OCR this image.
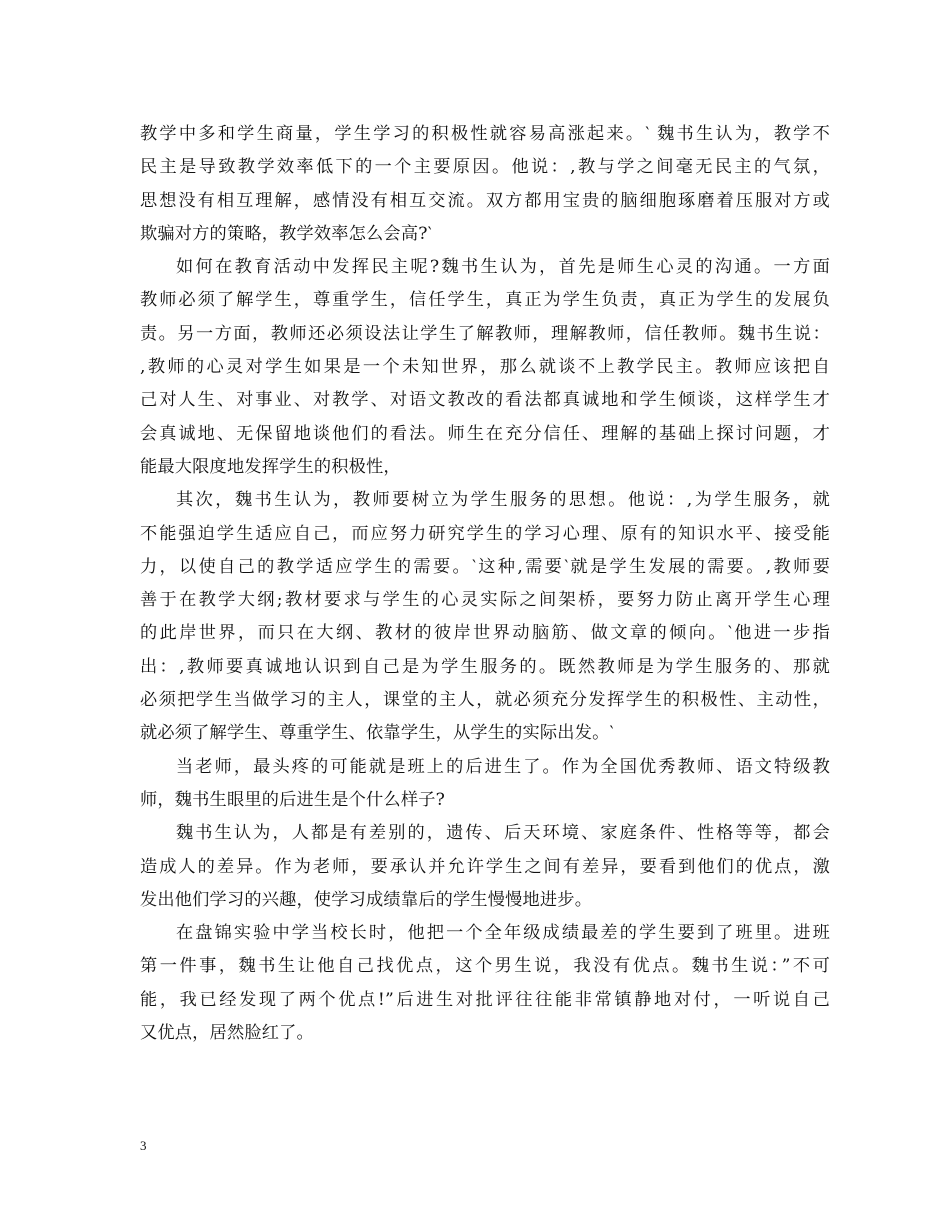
教学中多和学生商量，学生学习的积极性就容易高涨起来。‵ 魏书生认为，教学不
民主是导致教学效率低下的一个主要原因。他说：,教与学之间毫无民主的气氛，
思想没有相互理解，感情没有相互交流。双方都用宝贵的脑细胞琢磨着压服对方或
欺骗对方的策略，教学效率怎么会高?‵
如何在教育活动中发挥民主呢?魏书生认为，首先是师生心灵的沟通。一方面
教师必须了解学生，尊重学生，信任学生，真正为学生负责，真正为学生的发展负
责。另一方面，教师还必须设法让学生了解教师，理解教师，信任教师。魏书生说：
,教师的心灵对学生如果是一个未知世界，那么就谈不上教学民主。教师应该把自
己对人生、对事业、对教学、对语文教改的看法都真诚地和学生倾谈，这样学生才
会真诚地、无保留地谈他们的看法。师生在充分信任、理解的基础上探讨问题，才
能最大限度地发挥学生的积极性，
其次，魏书生认为，教师要树立为学生服务的思想。他说：,为学生服务，就
不能强迫学生适应自己，而应努力研究学生的学习心理、原有的知识水平、接受能
力，以使自己的教学适应学生的需要。‵这种,需要‵就是学生发展的需要。,教师要
善于在教学大纲;教材要求与学生的心灵实际之间架桥，要努力防止离开学生心理
的此岸世界，而只在大纲、教材的彼岸世界动脑筋、做文章的倾向。‵他进一步指
出：,教师要真诚地认识到自己是为学生服务的。既然教师是为学生服务的、那就
必须把学生当做学习的主人，课堂的主人，就必须充分发挥学生的积极性、主动性，
就必须了解学生、尊重学生、依靠学生，从学生的实际出发。‵
当老师，最头疼的可能就是班上的后进生了。作为全国优秀教师、语文特级教
师，魏书生眼里的后进生是个什么样子?
魏书生认为，人都是有差别的，遗传、后天环境、家庭条件、性格等等，都会
造成人的差异。作为老师，要承认并允许学生之间有差异，要看到他们的优点，激
发出他们学习的兴趣，使学习成绩靠后的学生慢慢地进步。
在盘锦实验中学当校长时，他把一个全年级成绩最差的学生要到了班里。进班
第一件事，魏书生让他自己找优点，这个男生说，我没有优点。魏书生说：”不可
能，我已经发现了两个优点!”后进生对批评往往能非常镇静地对付，一听说自己
又优点，居然脸红了。
3
